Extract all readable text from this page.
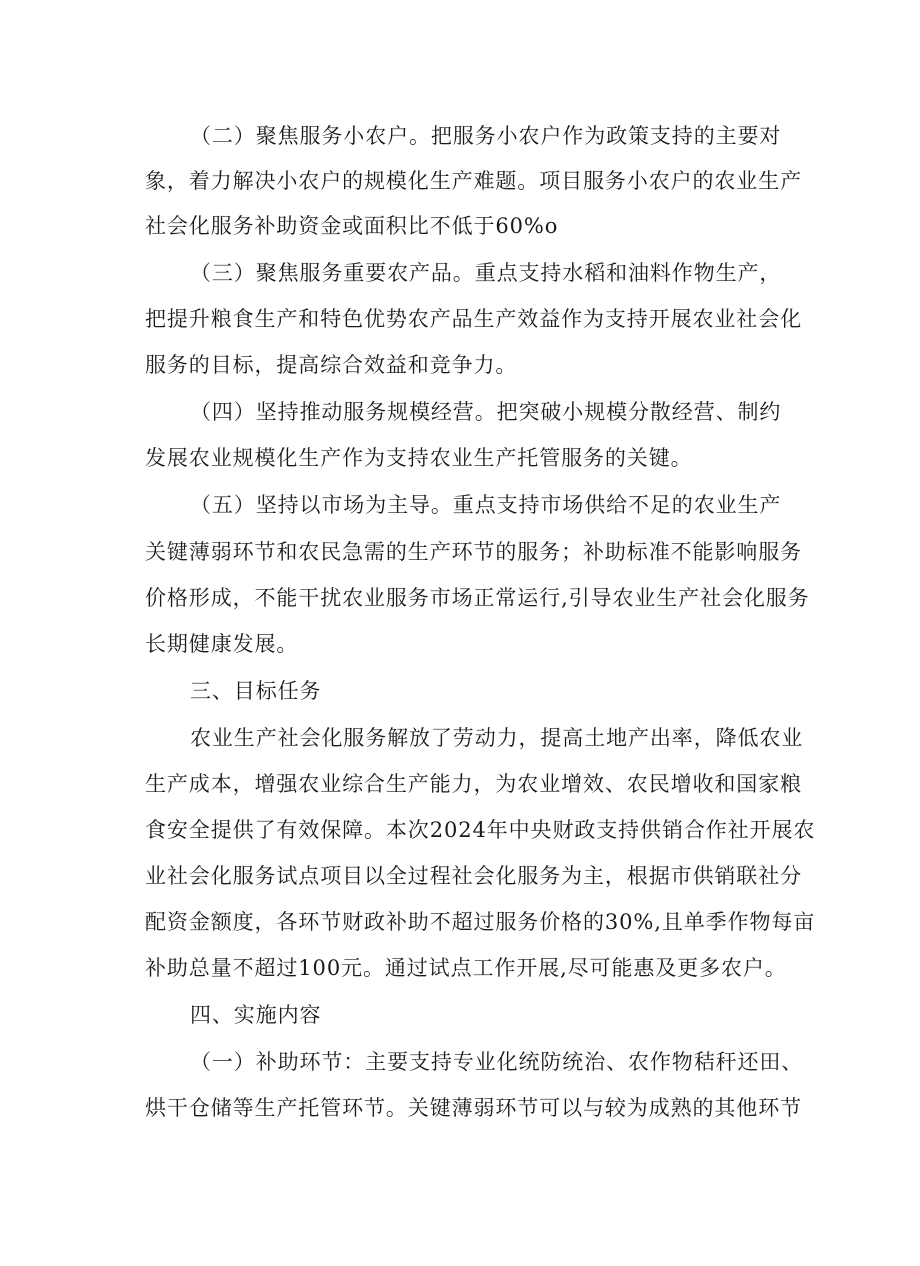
（二）聚焦服务小农户。把服务小农户作为政策支持的主要对
象，着力解决小农户的规模化生产难题。项目服务小农户的农业生产
社会化服务补助资金或面积比不低于60%o
（三）聚焦服务重要农产品。重点支持水稻和油料作物生产，
把提升粮食生产和特色优势农产品生产效益作为支持开展农业社会化
服务的目标，提高综合效益和竞争力。
（四）坚持推动服务规模经营。把突破小规模分散经营、制约
发展农业规模化生产作为支持农业生产托管服务的关键。
（五）坚持以市场为主导。重点支持市场供给不足的农业生产
关键薄弱环节和农民急需的生产环节的服务；补助标准不能影响服务
价格形成，不能干扰农业服务市场正常运行,引导农业生产社会化服务
长期健康发展。
三、目标任务
农业生产社会化服务解放了劳动力，提高土地产出率，降低农业
生产成本，增强农业综合生产能力，为农业增效、农民增收和国家粮
食安全提供了有效保障。本次2024年中央财政支持供销合作社开展农
业社会化服务试点项目以全过程社会化服务为主，根据市供销联社分
配资金额度，各环节财政补助不超过服务价格的30%,且单季作物每亩
补助总量不超过100元。通过试点工作开展,尽可能惠及更多农户。
四、实施内容
（一）补助环节：主要支持专业化统防统治、农作物秸秆还田、
烘干仓储等生产托管环节。关键薄弱环节可以与较为成熟的其他环节
